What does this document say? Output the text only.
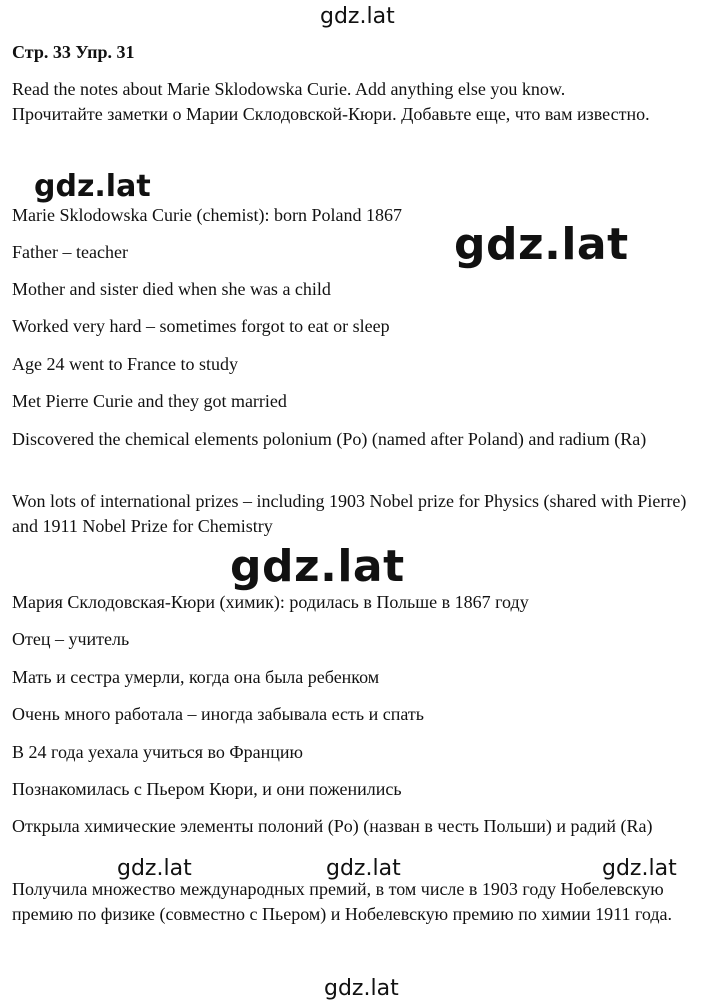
gdz.lat

Стр. 33 Упр. 31

Read the notes about Marie Sklodowska Curie. Add anything else you know.

Прочитайте заметки о Марии Склодовской-Кюри. Добавьте еще, что вам известно.

gdz.lat

Marie Sklodowska Curie (chemist): born Poland 1867

gdz.lat

Father – teacher

Mother and sister died when she was a child

Worked very hard – sometimes forgot to eat or sleep

Age 24 went to France to study

Met Pierre Curie and they got married

Discovered the chemical elements polonium (Po) (named after Poland) and radium (Ra)

Won lots of international prizes – including 1903 Nobel prize for Physics (shared with Pierre) and 1911 Nobel Prize for Chemistry

gdz.lat

Мария Склодовская-Кюри (химик): родилась в Польше в 1867 году

Отец – учитель

Мать и сестра умерли, когда она была ребенком

Очень много работала – иногда забывала есть и спать

В 24 года уехала учиться во Францию

Познакомилась с Пьером Кюри, и они поженились

Открыла химические элементы полоний (Po) (назван в честь Польши) и радий (Ra)

gdz.lat	gdz.lat	gdz.lat

Получила множество международных премий, в том числе в 1903 году Нобелевскую премию по физике (совместно с Пьером) и Нобелевскую премию по химии 1911 года.

gdz.lat
